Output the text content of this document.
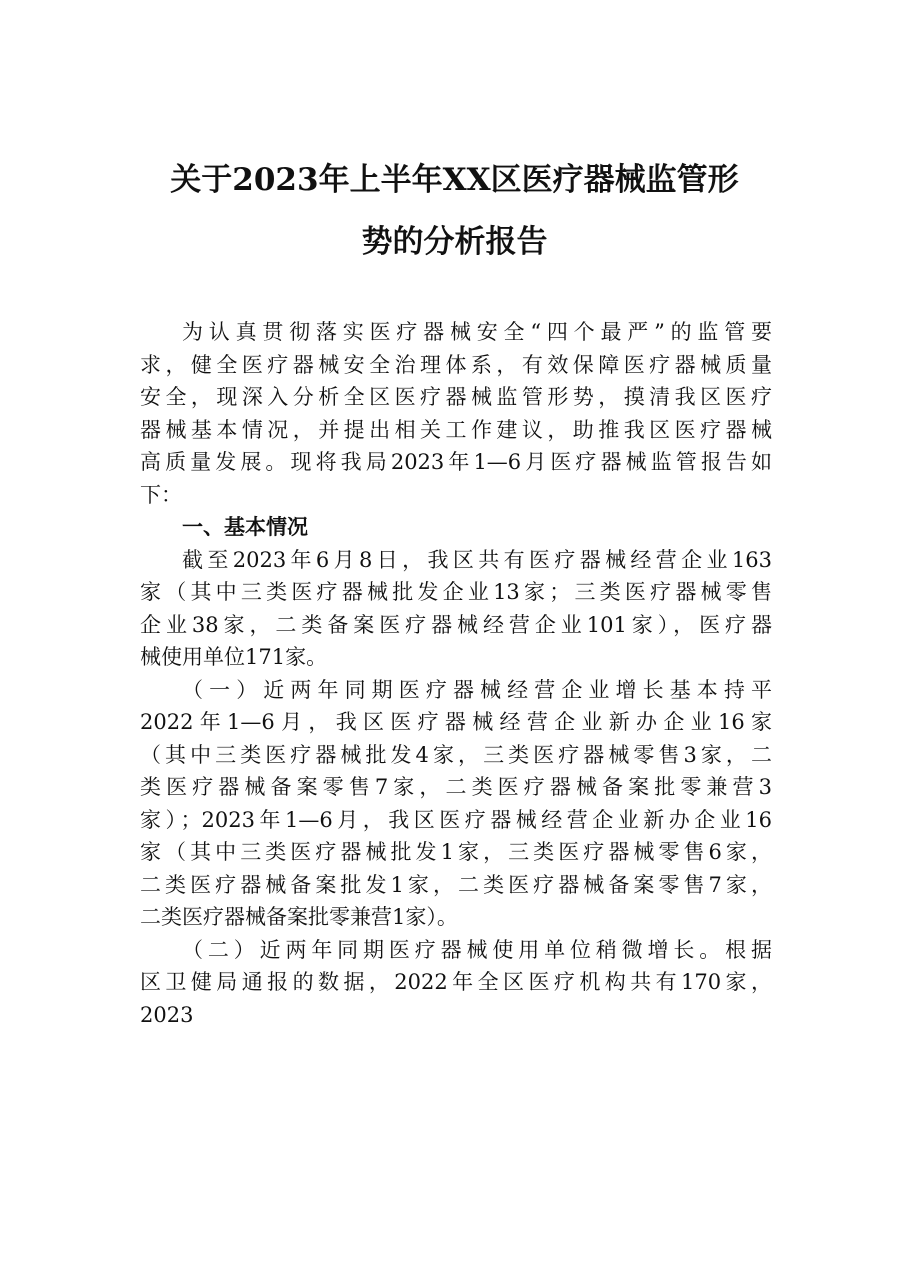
关于2023年上半年XX区医疗器械监管形
势的分析报告
为认真贯彻落实医疗器械安全“四个最严”的监管要
求，健全医疗器械安全治理体系，有效保障医疗器械质量
安全，现深入分析全区医疗器械监管形势，摸清我区医疗
器械基本情况，并提出相关工作建议，助推我区医疗器械
高质量发展。现将我局2023年1—6月医疗器械监管报告如
下：
一、基本情况
截至2023年6月8日，我区共有医疗器械经营企业163
家（其中三类医疗器械批发企业13家；三类医疗器械零售
企业38家，二类备案医疗器械经营企业101家），医疗器
械使用单位171家。
（一）近两年同期医疗器械经营企业增长基本持平
2022年1—6月，我区医疗器械经营企业新办企业16家
（其中三类医疗器械批发4家，三类医疗器械零售3家，二
类医疗器械备案零售7家，二类医疗器械备案批零兼营3
家）；2023年1—6月，我区医疗器械经营企业新办企业16
家（其中三类医疗器械批发1家，三类医疗器械零售6家，
二类医疗器械备案批发1家，二类医疗器械备案零售7家，
二类医疗器械备案批零兼营1家）。
（二）近两年同期医疗器械使用单位稍微增长。根据
区卫健局通报的数据，2022年全区医疗机构共有170家，
2023
